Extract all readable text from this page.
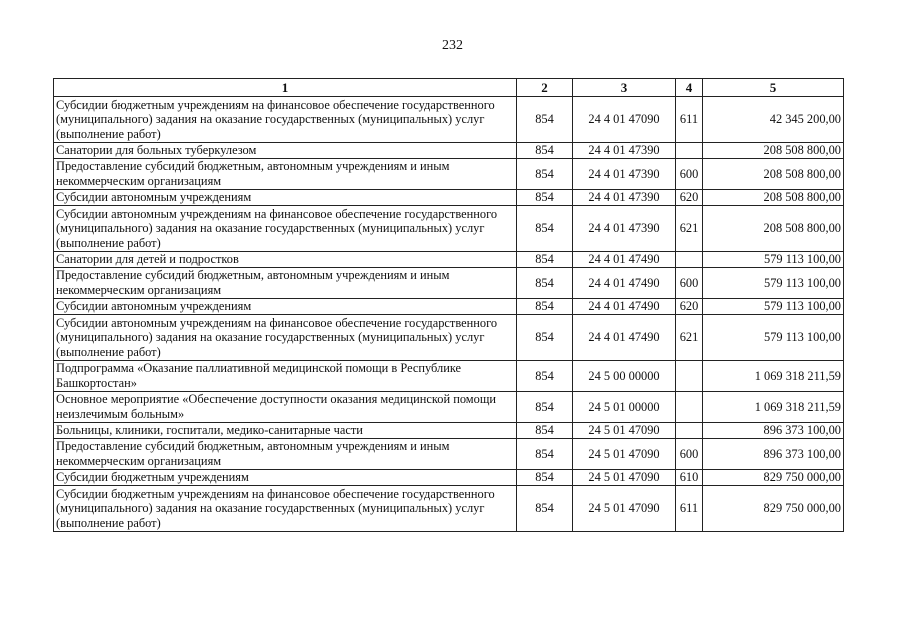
232
1	2	3	4	5
Субсидии бюджетным учреждениям на финансовое обеспечение государственного (муниципального) задания на оказание государственных (муниципальных) услуг (выполнение работ)	854	24 4 01 47090	611	42 345 200,00
Санатории для больных туберкулезом	854	24 4 01 47390		208 508 800,00
Предоставление субсидий бюджетным, автономным учреждениям и иным некоммерческим организациям	854	24 4 01 47390	600	208 508 800,00
Субсидии автономным учреждениям	854	24 4 01 47390	620	208 508 800,00
Субсидии автономным учреждениям на финансовое обеспечение государственного (муниципального) задания на оказание государственных (муниципальных) услуг (выполнение работ)	854	24 4 01 47390	621	208 508 800,00
Санатории для детей и подростков	854	24 4 01 47490		579 113 100,00
Предоставление субсидий бюджетным, автономным учреждениям и иным некоммерческим организациям	854	24 4 01 47490	600	579 113 100,00
Субсидии автономным учреждениям	854	24 4 01 47490	620	579 113 100,00
Субсидии автономным учреждениям на финансовое обеспечение государственного (муниципального) задания на оказание государственных (муниципальных) услуг (выполнение работ)	854	24 4 01 47490	621	579 113 100,00
Подпрограмма «Оказание паллиативной медицинской помощи в Республике Башкортостан»	854	24 5 00 00000		1 069 318 211,59
Основное мероприятие «Обеспечение доступности оказания медицинской помощи неизлечимым больным»	854	24 5 01 00000		1 069 318 211,59
Больницы, клиники, госпитали, медико-санитарные части	854	24 5 01 47090		896 373 100,00
Предоставление субсидий бюджетным, автономным учреждениям и иным некоммерческим организациям	854	24 5 01 47090	600	896 373 100,00
Субсидии бюджетным учреждениям	854	24 5 01 47090	610	829 750 000,00
Субсидии бюджетным учреждениям на финансовое обеспечение государственного (муниципального) задания на оказание государственных (муниципальных) услуг (выполнение работ)	854	24 5 01 47090	611	829 750 000,00
